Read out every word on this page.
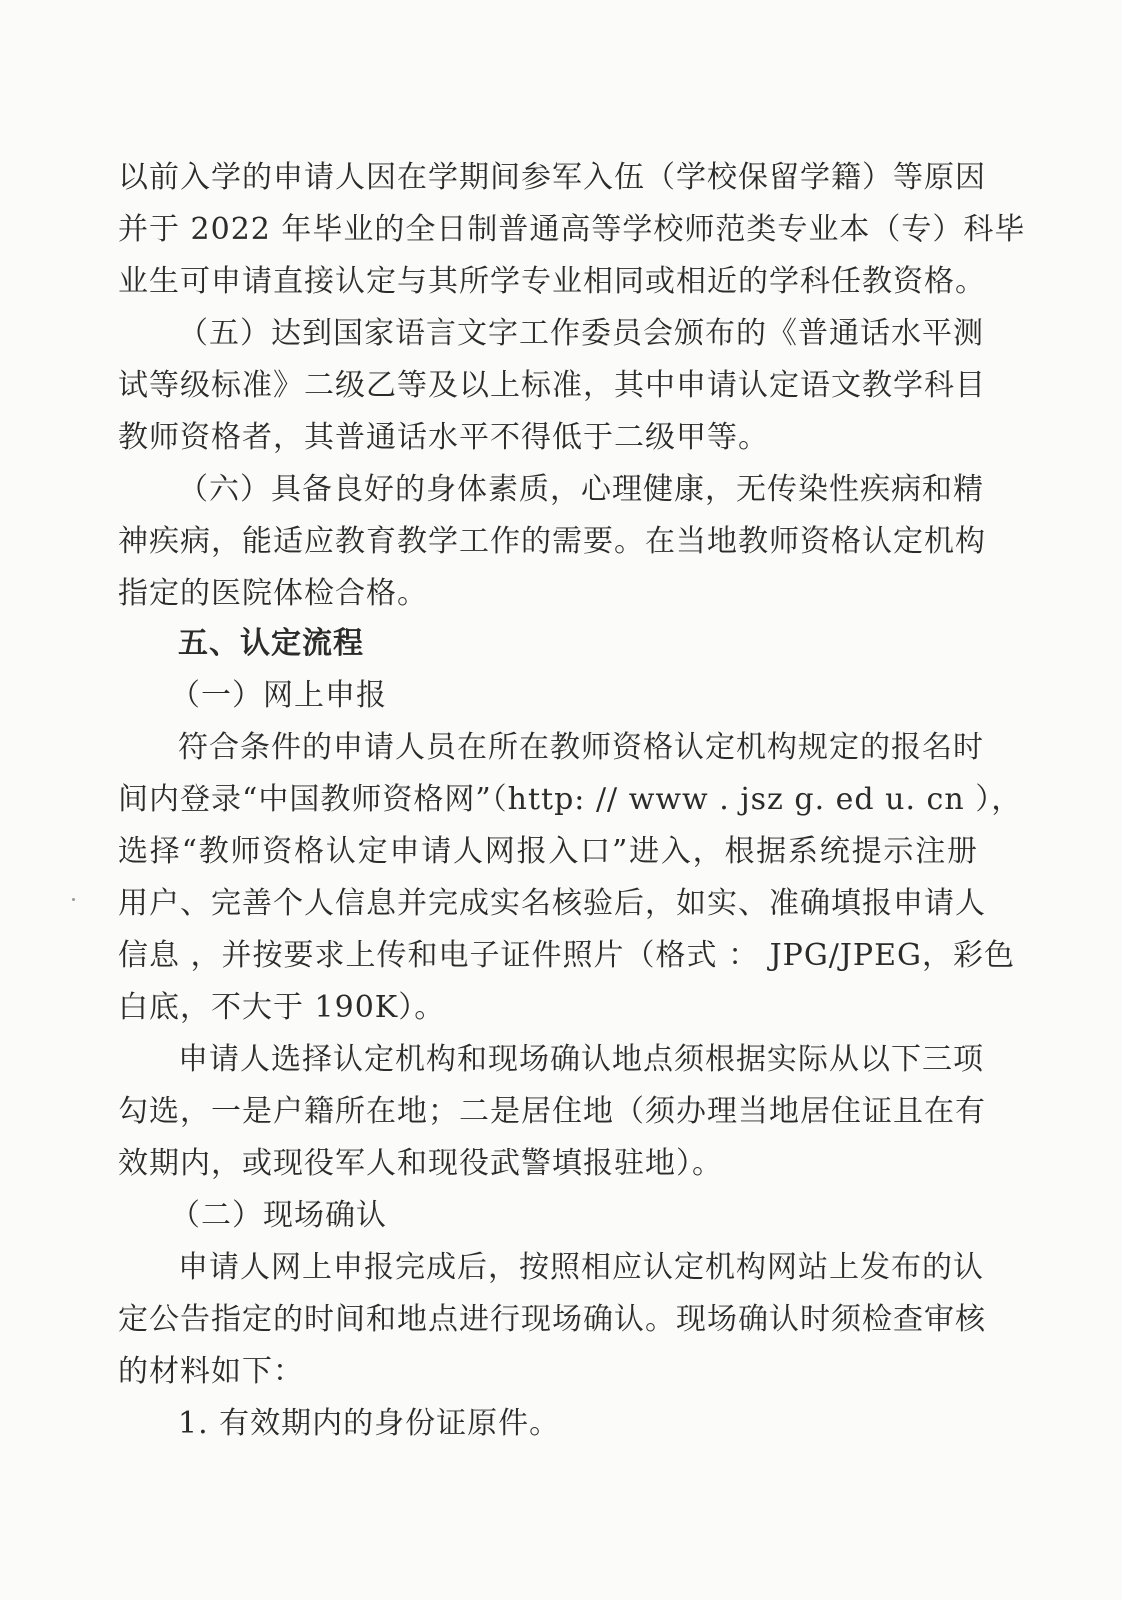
以前入学的申请人因在学期间参军入伍（学校保留学籍）等原因
并于 2022 年毕业的全日制普通高等学校师范类专业本（专）科毕
业生可申请直接认定与其所学专业相同或相近的学科任教资格。
（五）达到国家语言文字工作委员会颁布的《普通话水平测
试等级标准》二级乙等及以上标准，其中申请认定语文教学科目
教师资格者，其普通话水平不得低于二级甲等。
（六）具备良好的身体素质，心理健康，无传染性疾病和精
神疾病，能适应教育教学工作的需要。在当地教师资格认定机构
指定的医院体检合格。
五、认定流程
（一）网上申报
符合条件的申请人员在所在教师资格认定机构规定的报名时
间内登录“中国教师资格网”（http: // www . jsz g. ed u. cn ），
选择“教师资格认定申请人网报入口”进入，根据系统提示注册
用户、完善个人信息并完成实名核验后，如实、准确填报申请人
信息 ，并按要求上传和电子证件照片（格式 ： JPG/JPEG，彩色
白底，不大于 190K）。
申请人选择认定机构和现场确认地点须根据实际从以下三项
勾选，一是户籍所在地；二是居住地（须办理当地居住证且在有
效期内，或现役军人和现役武警填报驻地）。
（二）现场确认
申请人网上申报完成后，按照相应认定机构网站上发布的认
定公告指定的时间和地点进行现场确认。现场确认时须检查审核
的材料如下：
1. 有效期内的身份证原件。
